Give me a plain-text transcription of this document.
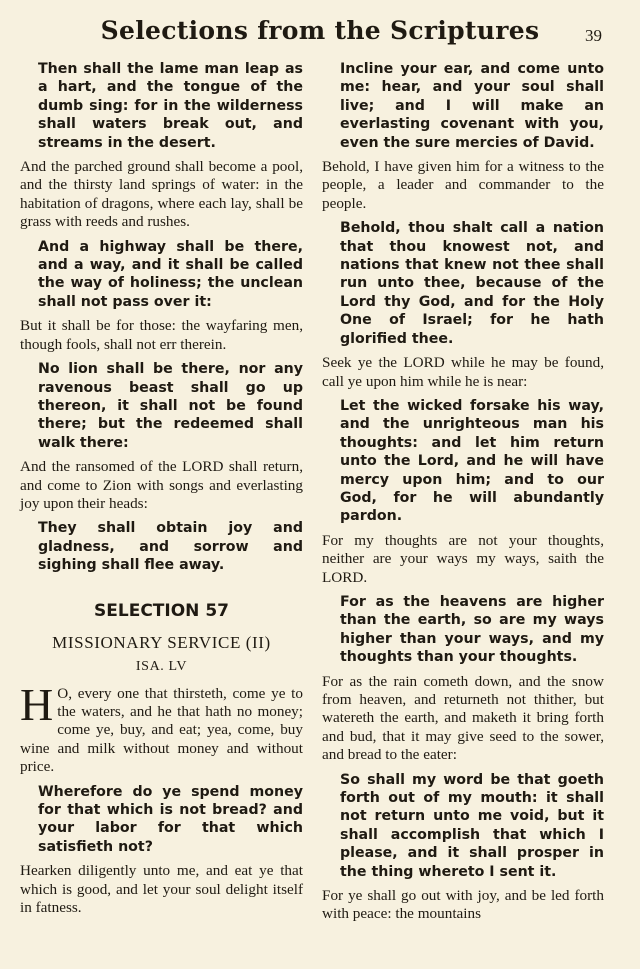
Selections from the Scriptures	39

Then shall the lame man leap as a hart, and the tongue of the dumb sing: for in the wilderness shall waters break out, and streams in the desert.

And the parched ground shall become a pool, and the thirsty land springs of water: in the habitation of dragons, where each lay, shall be grass with reeds and rushes.

And a highway shall be there, and a way, and it shall be called the way of holiness; the unclean shall not pass over it:

But it shall be for those: the wayfaring men, though fools, shall not err therein.

No lion shall be there, nor any ravenous beast shall go up thereon, it shall not be found there; but the redeemed shall walk there:

And the ransomed of the LORD shall return, and come to Zion with songs and everlasting joy upon their heads:

They shall obtain joy and gladness, and sorrow and sighing shall flee away.

SELECTION 57
MISSIONARY SERVICE (II)
ISA. LV

H O, every one that thirsteth, come ye to the waters, and he that hath no money; come ye, buy, and eat; yea, come, buy wine and milk without money and without price.

Wherefore do ye spend money for that which is not bread? and your labor for that which satisfieth not?

Hearken diligently unto me, and eat ye that which is good, and let your soul delight itself in fatness.

Incline your ear, and come unto me: hear, and your soul shall live; and I will make an everlasting covenant with you, even the sure mercies of David.

Behold, I have given him for a witness to the people, a leader and commander to the people.

Behold, thou shalt call a nation that thou knowest not, and nations that knew not thee shall run unto thee, because of the Lord thy God, and for the Holy One of Israel; for he hath glorified thee.

Seek ye the LORD while he may be found, call ye upon him while he is near:

Let the wicked forsake his way, and the unrighteous man his thoughts: and let him return unto the Lord, and he will have mercy upon him; and to our God, for he will abundantly pardon.

For my thoughts are not your thoughts, neither are your ways my ways, saith the LORD.

For as the heavens are higher than the earth, so are my ways higher than your ways, and my thoughts than your thoughts.

For as the rain cometh down, and the snow from heaven, and returneth not thither, but watereth the earth, and maketh it bring forth and bud, that it may give seed to the sower, and bread to the eater:

So shall my word be that goeth forth out of my mouth: it shall not return unto me void, but it shall accomplish that which I please, and it shall prosper in the thing whereto I sent it.

For ye shall go out with joy, and be led forth with peace: the mountains
